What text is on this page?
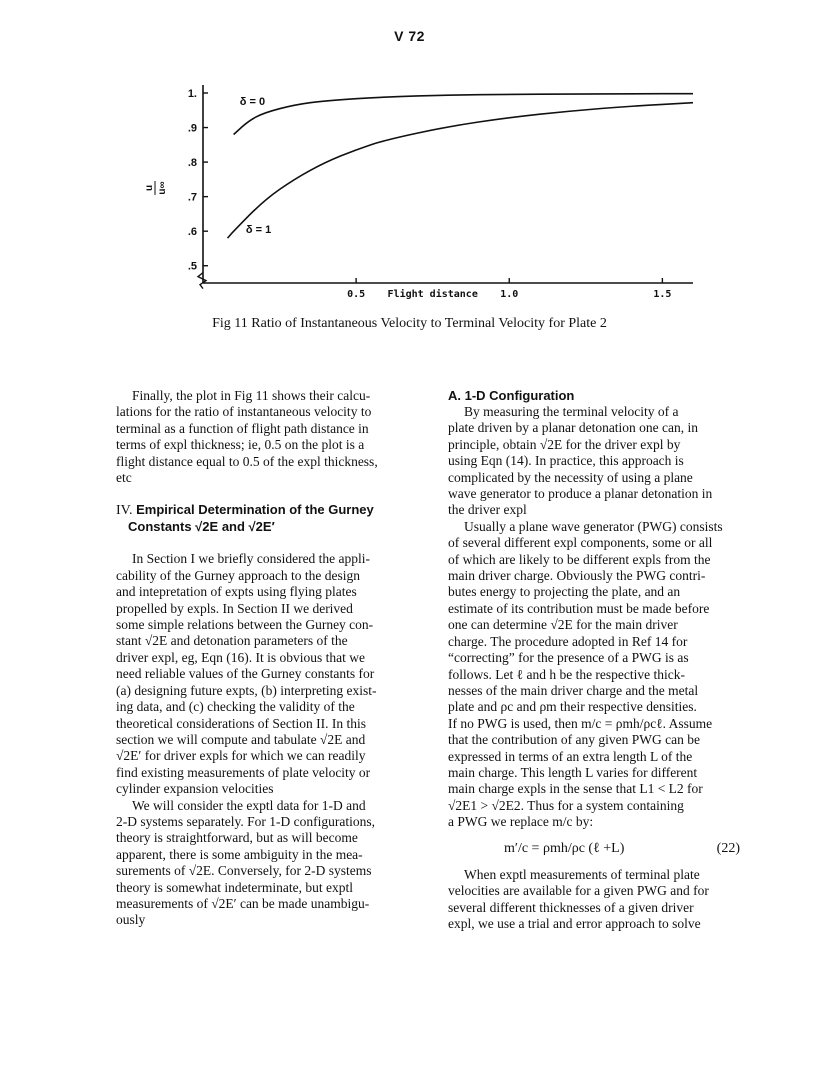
V 72
.5
.6
.7
.8
.9
1.
0.5	1.0	1.5
Flight distance
u u∞
δ = 0
δ = 1
Fig 11 Ratio of Instantaneous Velocity to Terminal Velocity for Plate 2

Finally, the plot in Fig 11 shows their calcu-

lations for the ratio of instantaneous velocity to

terminal as a function of flight path distance in

terms of expl thickness; ie, 0.5 on the plot is a

flight distance equal to 0.5 of the expl thickness,

etc

IV. Empirical Determination of the Gurney
Constants √2E and √2E′

In Section I we briefly considered the appli-

cability of the Gurney approach to the design

and intepretation of expts using flying plates

propelled by expls. In Section II we derived

some simple relations between the Gurney con-

stant √2E and detonation parameters of the

driver expl, eg, Eqn (16). It is obvious that we

need reliable values of the Gurney constants for

(a) designing future expts, (b) interpreting exist-

ing data, and (c) checking the validity of the

theoretical considerations of Section II. In this

section we will compute and tabulate √2E and

√2E′ for driver expls for which we can readily

find existing measurements of plate velocity or

cylinder expansion velocities

We will consider the exptl data for 1-D and

2-D systems separately. For 1-D configurations,

theory is straightforward, but as will become

apparent, there is some ambiguity in the mea-

surements of √2E. Conversely, for 2-D systems

theory is somewhat indeterminate, but exptl

measurements of √2E′ can be made unambigu-

ously

A. 1-D Configuration

By measuring the terminal velocity of a

plate driven by a planar detonation one can, in

principle, obtain √2E for the driver expl by

using Eqn (14). In practice, this approach is

complicated by the necessity of using a plane

wave generator to produce a planar detonation in

the driver expl

Usually a plane wave generator (PWG) consists

of several different expl components, some or all

of which are likely to be different expls from the

main driver charge. Obviously the PWG contri-

butes energy to projecting the plate, and an

estimate of its contribution must be made before

one can determine √2E for the main driver

charge. The procedure adopted in Ref 14 for

“correcting” for the presence of a PWG is as

follows. Let ℓ and h be the respective thick-

nesses of the main driver charge and the metal

plate and ρc and ρm their respective densities.

If no PWG is used, then m/c = ρmh/ρcℓ. Assume

that the contribution of any given PWG can be

expressed in terms of an extra length L of the

main charge. This length L varies for different

main charge expls in the sense that L1 < L2 for

√2E1 > √2E2. Thus for a system containing

a PWG we replace m/c by:

m′/c = ρmh/ρc (ℓ +L)	(22)

When exptl measurements of terminal plate

velocities are available for a given PWG and for

several different thicknesses of a given driver

expl, we use a trial and error approach to solve
